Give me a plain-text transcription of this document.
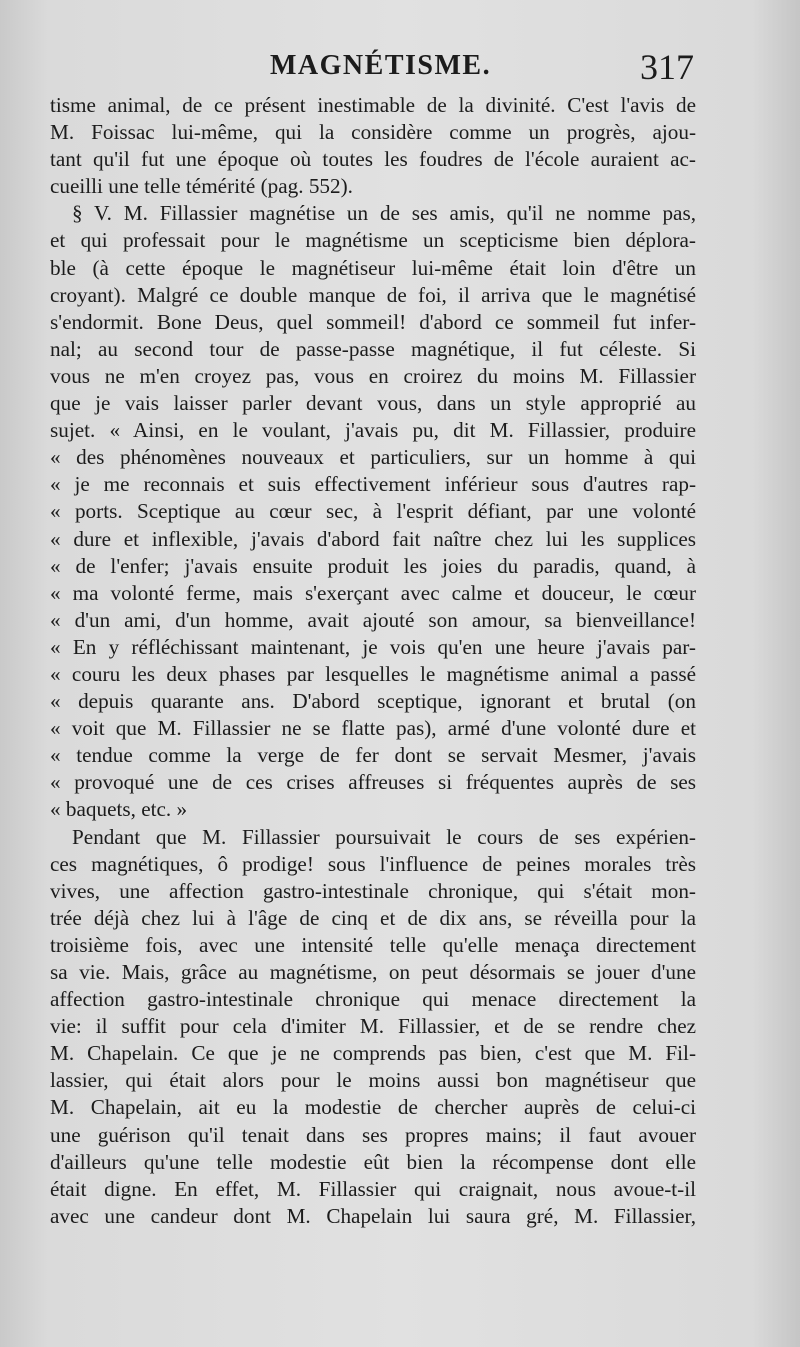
MAGNÉTISME.	317
tisme animal, de ce présent inestimable de la divinité. C'est l'avis de
M. Foissac lui-même, qui la considère comme un progrès, ajou-
tant qu'il fut une époque où toutes les foudres de l'école auraient ac-
cueilli une telle témérité (pag. 552).
§ V. M. Fillassier magnétise un de ses amis, qu'il ne nomme pas,
et qui professait pour le magnétisme un scepticisme bien déplora-
ble (à cette époque le magnétiseur lui-même était loin d'être un
croyant). Malgré ce double manque de foi, il arriva que le magnétisé
s'endormit. Bone Deus, quel sommeil! d'abord ce sommeil fut infer-
nal; au second tour de passe-passe magnétique, il fut céleste. Si
vous ne m'en croyez pas, vous en croirez du moins M. Fillassier
que je vais laisser parler devant vous, dans un style approprié au
sujet. « Ainsi, en le voulant, j'avais pu, dit M. Fillassier, produire
« des phénomènes nouveaux et particuliers, sur un homme à qui
« je me reconnais et suis effectivement inférieur sous d'autres rap-
« ports. Sceptique au cœur sec, à l'esprit défiant, par une volonté
« dure et inflexible, j'avais d'abord fait naître chez lui les supplices
« de l'enfer; j'avais ensuite produit les joies du paradis, quand, à
« ma volonté ferme, mais s'exerçant avec calme et douceur, le cœur
« d'un ami, d'un homme, avait ajouté son amour, sa bienveillance!
« En y réfléchissant maintenant, je vois qu'en une heure j'avais par-
« couru les deux phases par lesquelles le magnétisme animal a passé
« depuis quarante ans. D'abord sceptique, ignorant et brutal (on
« voit que M. Fillassier ne se flatte pas), armé d'une volonté dure et
« tendue comme la verge de fer dont se servait Mesmer, j'avais
« provoqué une de ces crises affreuses si fréquentes auprès de ses
« baquets, etc. »
Pendant que M. Fillassier poursuivait le cours de ses expérien-
ces magnétiques, ô prodige! sous l'influence de peines morales très
vives, une affection gastro-intestinale chronique, qui s'était mon-
trée déjà chez lui à l'âge de cinq et de dix ans, se réveilla pour la
troisième fois, avec une intensité telle qu'elle menaça directement
sa vie. Mais, grâce au magnétisme, on peut désormais se jouer d'une
affection gastro-intestinale chronique qui menace directement la
vie: il suffit pour cela d'imiter M. Fillassier, et de se rendre chez
M. Chapelain. Ce que je ne comprends pas bien, c'est que M. Fil-
lassier, qui était alors pour le moins aussi bon magnétiseur que
M. Chapelain, ait eu la modestie de chercher auprès de celui-ci
une guérison qu'il tenait dans ses propres mains; il faut avouer
d'ailleurs qu'une telle modestie eût bien la récompense dont elle
était digne. En effet, M. Fillassier qui craignait, nous avoue-t-il
avec une candeur dont M. Chapelain lui saura gré, M. Fillassier,
